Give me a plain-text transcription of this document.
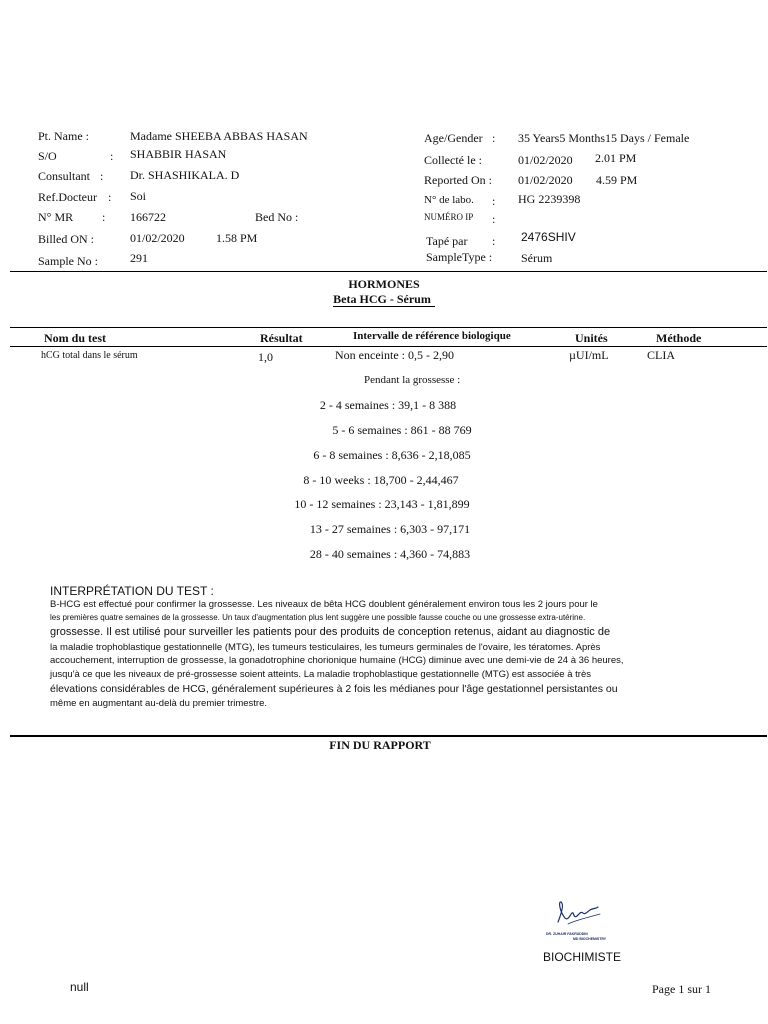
Pt. Name :	Madame SHEEBA ABBAS HASAN
S/O	: SHABBIR HASAN
Consultant : Dr. SHASHIKALA. D
Ref.Docteur : Soi
N° MR : 166722	Bed No :
Billed ON :	01/02/2020	1.58 PM
Sample No :	291
Age/Gender : 35 Years5 Months15 Days / Female
Collecté le :	01/02/2020 2.01 PM
Reported On : 01/02/2020 4.59 PM
N° de labo. : HG 2239398
NUMÉRO IP :
Tapé par : 2476SHIV
SampleType : Sérum
HORMONES
Beta HCG - Sérum
Nom du test	Résultat	Intervalle de référence biologique	Unités	Méthode
hCG total dans le sérum	1,0	Non enceinte : 0,5 - 2,90	µUI/mL	CLIA
Pendant la grossesse :
2 - 4 semaines : 39,1 - 8 388
5 - 6 semaines : 861 - 88 769
6 - 8 semaines : 8,636 - 2,18,085
8 - 10 weeks : 18,700 - 2,44,467
10 - 12 semaines : 23,143 - 1,81,899
13 - 27 semaines : 6,303 - 97,171
28 - 40 semaines : 4,360 - 74,883
INTERPRÉTATION DU TEST :
B-HCG est effectué pour confirmer la grossesse. Les niveaux de bêta HCG doublent généralement environ tous les 2 jours pour le
les premières quatre semaines de la grossesse. Un taux d'augmentation plus lent suggère une possible fausse couche ou une grossesse extra-utérine.
grossesse. Il est utilisé pour surveiller les patients pour des produits de conception retenus, aidant au diagnostic de
la maladie trophoblastique gestationnelle (MTG), les tumeurs testiculaires, les tumeurs germinales de l'ovaire, les tératomes. Après
accouchement, interruption de grossesse, la gonadotrophine chorionique humaine (HCG) diminue avec une demi-vie de 24 à 36 heures,
jusqu'à ce que les niveaux de pré-grossesse soient atteints. La maladie trophoblastique gestationnelle (MTG) est associée à très
élevations considérables de HCG, généralement supérieures à 2 fois les médianes pour l'âge gestationnel persistantes ou
même en augmentant au-delà du premier trimestre.
FIN DU RAPPORT
DR. ZUHAIR FAKRUDDIN
MD BIOCHEMISTRY
BIOCHIMISTE
null	Page 1 sur 1
